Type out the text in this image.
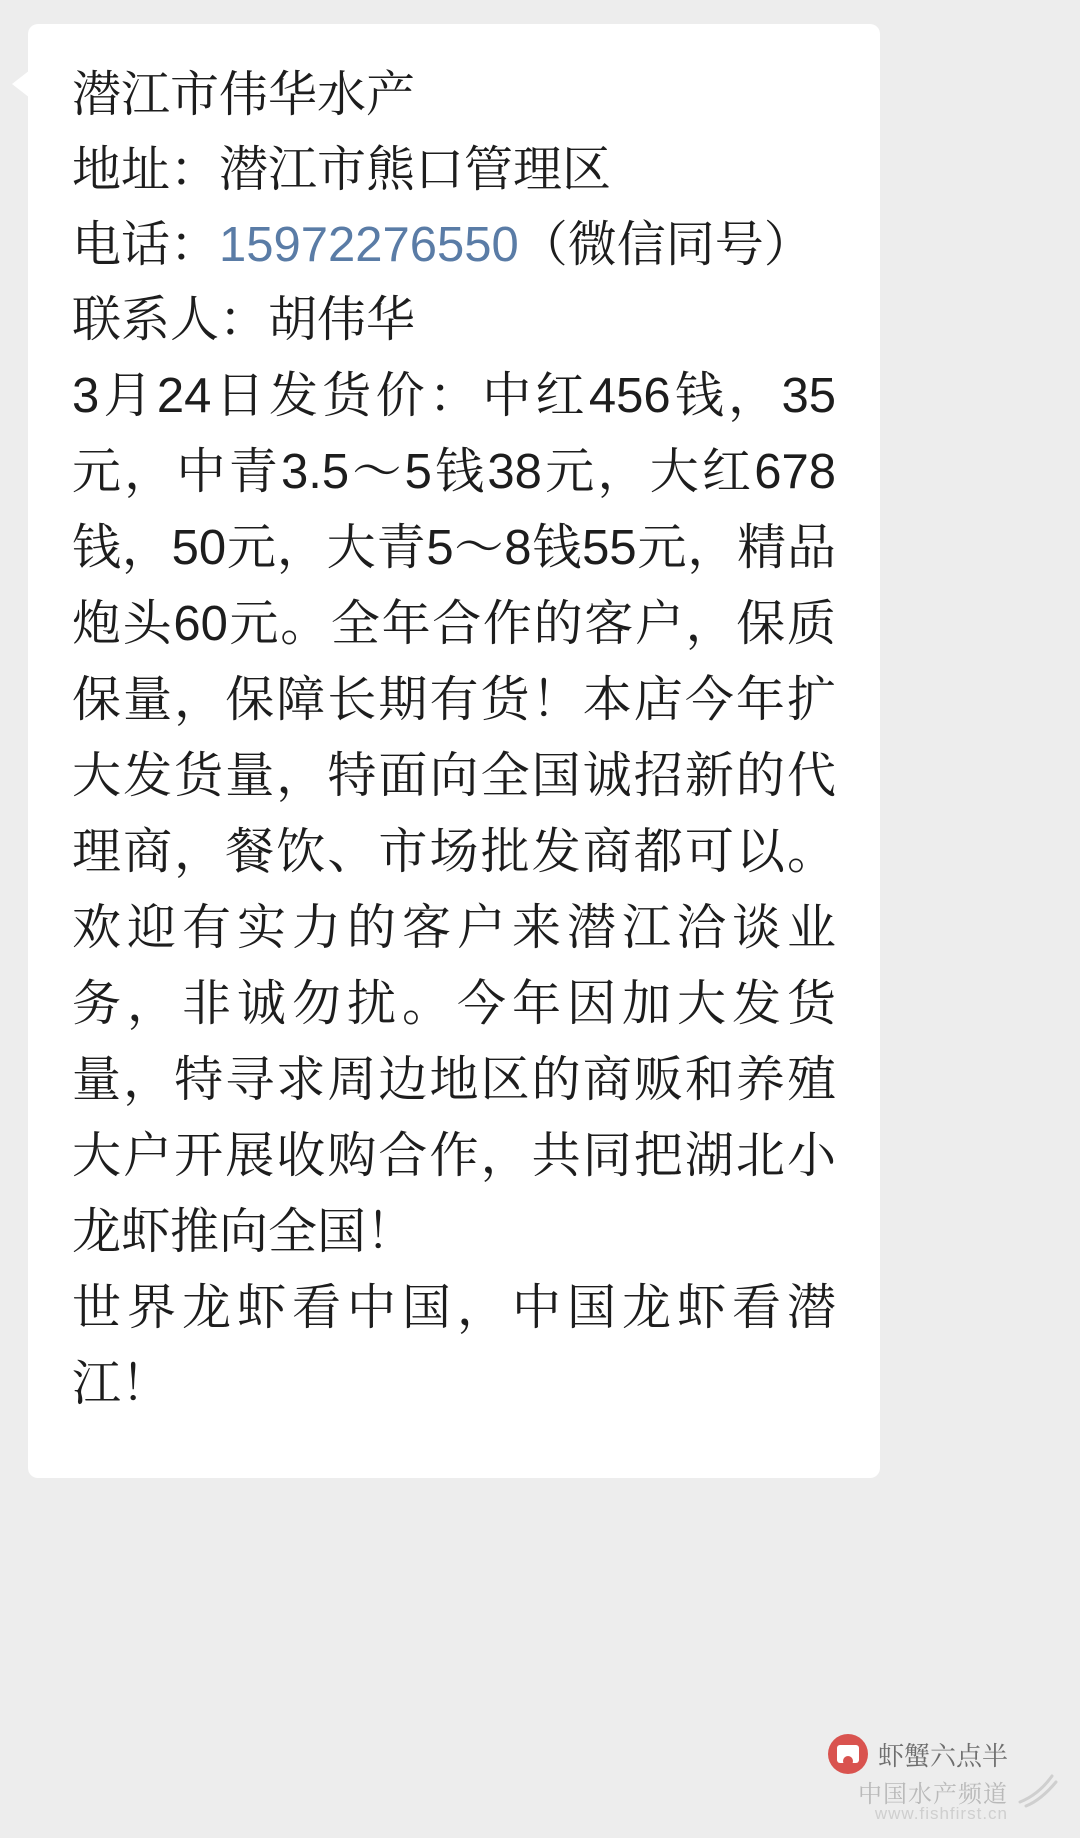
潜江市伟华水产
地址：潜江市熊口管理区
电话：15972276550（微信同号）
联系人：胡伟华
3月24日发货价：中红456钱，35元，中青3.5～5钱38元，大红678钱，50元，大青5～8钱55元，精品炮头60元。全年合作的客户，保质保量，保障长期有货！本店今年扩大发货量，特面向全国诚招新的代理商，餐饮、市场批发商都可以。欢迎有实力的客户来潜江洽谈业务，非诚勿扰。今年因加大发货量，特寻求周边地区的商贩和养殖大户开展收购合作，共同把湖北小龙虾推向全国！
世界龙虾看中国，中国龙虾看潜江！
虾蟹六点半
中国水产频道
www.fishfirst.cn
